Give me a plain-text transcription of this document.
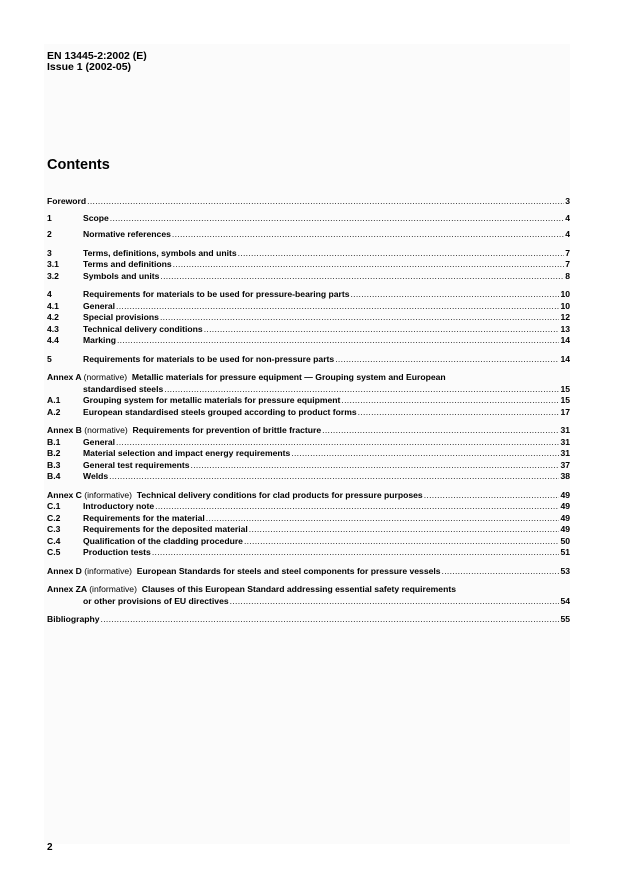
EN 13445-2:2002 (E)
Issue 1 (2002-05)
Contents
Foreword .....	3
1	Scope .....	4
2	Normative references .....	4
3	Terms, definitions, symbols and units .....	7
3.1	Terms and definitions .....	7
3.2	Symbols and units .....	8
4	Requirements for materials to be used for pressure-bearing parts .....	10
4.1	General .....	10
4.2	Special provisions .....	12
4.3	Technical delivery conditions .....	13
4.4	Marking .....	14
5	Requirements for materials to be used for non-pressure parts .....	14
Annex A (normative) Metallic materials for pressure equipment — Grouping system and European
standardised steels .....	15
A.1	Grouping system for metallic materials for pressure equipment .....	15
A.2	European standardised steels grouped according to product forms .....	17
Annex B (normative) Requirements for prevention of brittle fracture .....	31
B.1	General .....	31
B.2	Material selection and impact energy requirements .....	31
B.3	General test requirements .....	37
B.4	Welds .....	38
Annex C (informative) Technical delivery conditions for clad products for pressure purposes .....	49
C.1	Introductory note .....	49
C.2	Requirements for the material .....	49
C.3	Requirements for the deposited material .....	49
C.4	Qualification of the cladding procedure .....	50
C.5	Production tests .....	51
Annex D (informative) European Standards for steels and steel components for pressure vessels .....	53
Annex ZA (informative) Clauses of this European Standard addressing essential safety requirements
or other provisions of EU directives .....	54
Bibliography .....	55
2
